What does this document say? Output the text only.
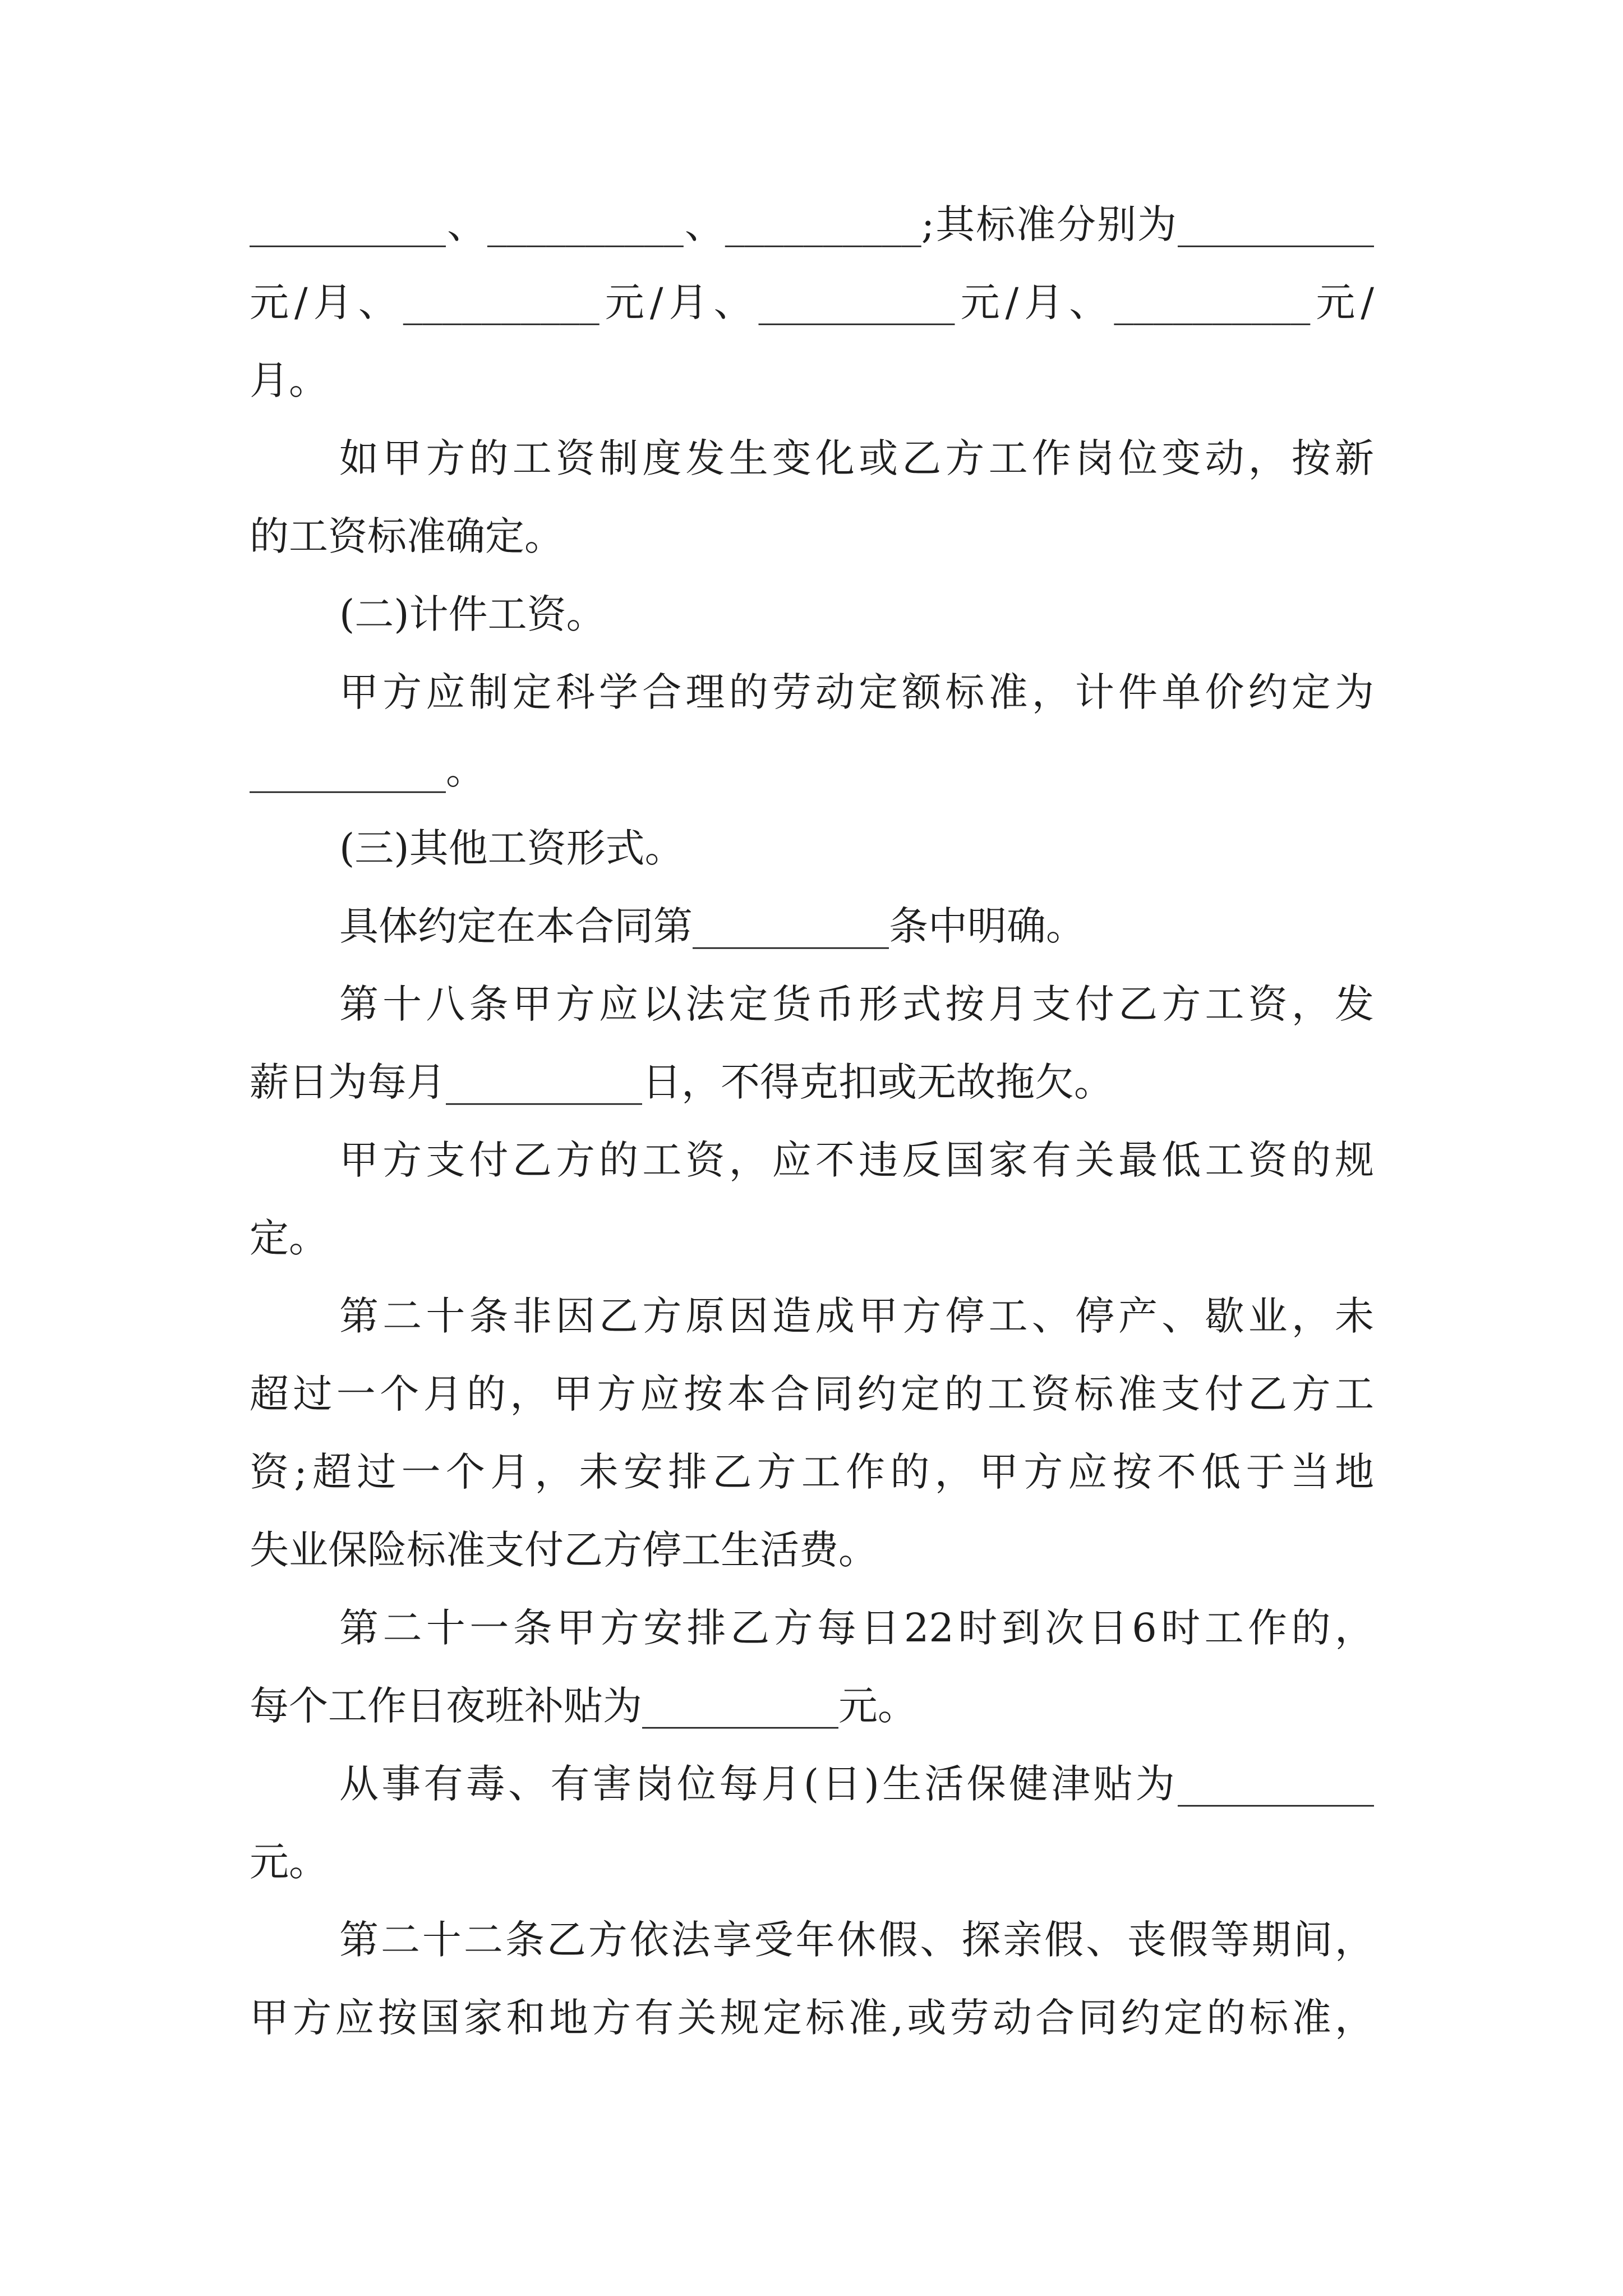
__________、__________、__________;其标准分别为__________
元/月、__________元/月、__________元/月、__________元/
月。
如甲方的工资制度发生变化或乙方工作岗位变动，按新
的工资标准确定。
(二)计件工资。
甲方应制定科学合理的劳动定额标准，计件单价约定为
__________。
(三)其他工资形式。
具体约定在本合同第__________条中明确。
第十八条甲方应以法定货币形式按月支付乙方工资，发
薪日为每月__________日，不得克扣或无故拖欠。
甲方支付乙方的工资，应不违反国家有关最低工资的规
定。
第二十条非因乙方原因造成甲方停工、停产、歇业，未
超过一个月的，甲方应按本合同约定的工资标准支付乙方工
资;超过一个月，未安排乙方工作的，甲方应按不低于当地
失业保险标准支付乙方停工生活费。
第二十一条甲方安排乙方每日22时到次日6时工作的，
每个工作日夜班补贴为__________元。
从事有毒、有害岗位每月(日)生活保健津贴为__________
元。
第二十二条乙方依法享受年休假、探亲假、丧假等期间，
甲方应按国家和地方有关规定标准,或劳动合同约定的标准，
